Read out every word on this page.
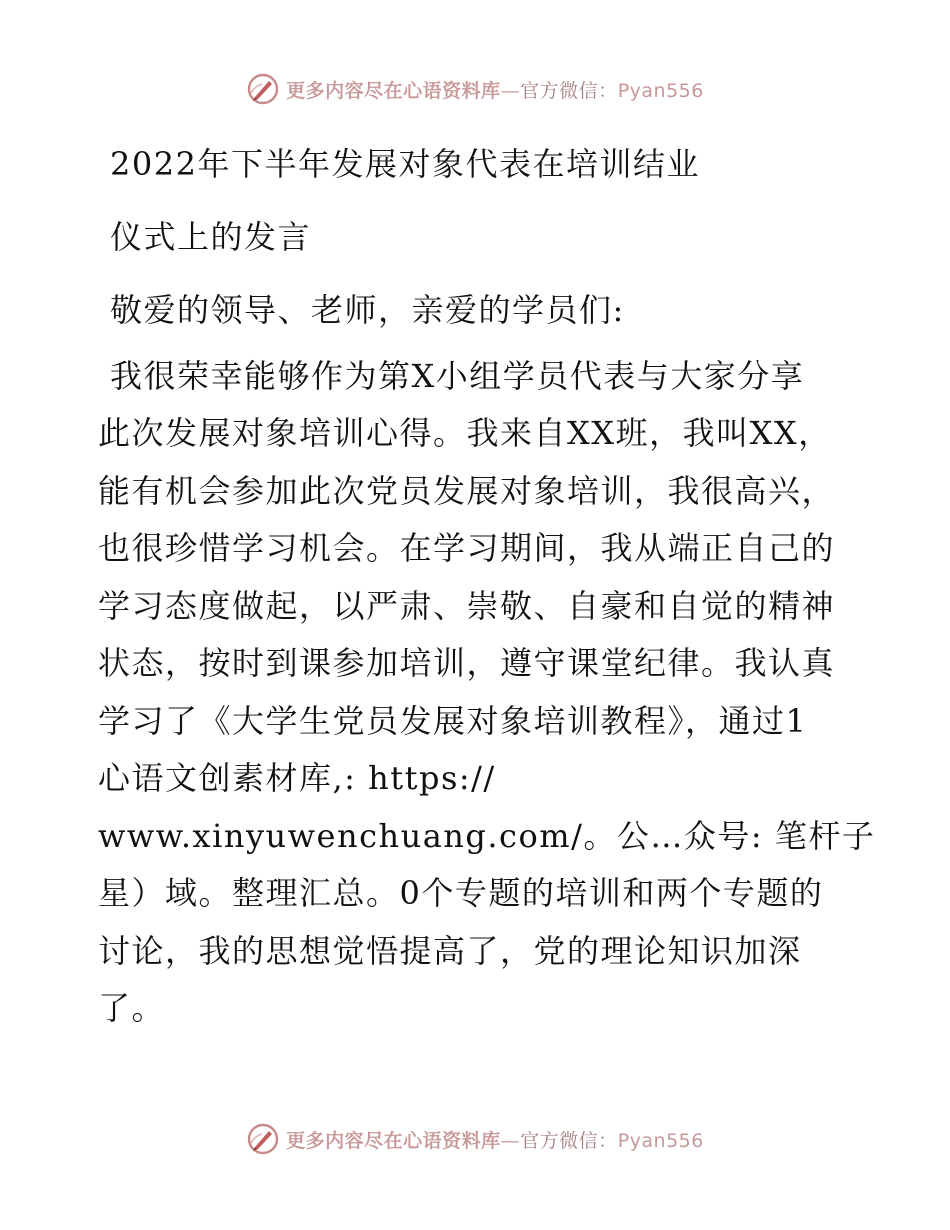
更多内容尽在心语资料库—官方微信：Pyan556
2022年下半年发展对象代表在培训结业
仪式上的发言
敬爱的领导、老师，亲爱的学员们:
我很荣幸能够作为第X小组学员代表与大家分享
此次发展对象培训心得。我来自XX班，我叫XX，
能有机会参加此次党员发展对象培训，我很高兴，
也很珍惜学习机会。在学习期间，我从端正自己的
学习态度做起，以严肃、崇敬、自豪和自觉的精神
状态，按时到课参加培训，遵守课堂纪律。我认真
学习了《大学生党员发展对象培训教程》，通过1
心语文创素材库,: https://
www.xinyuwenchuang.com/。公…众号: 笔杆子
星）域。整理汇总。0个专题的培训和两个专题的
讨论，我的思想觉悟提高了，党的理论知识加深
了。
更多内容尽在心语资料库—官方微信：Pyan556
